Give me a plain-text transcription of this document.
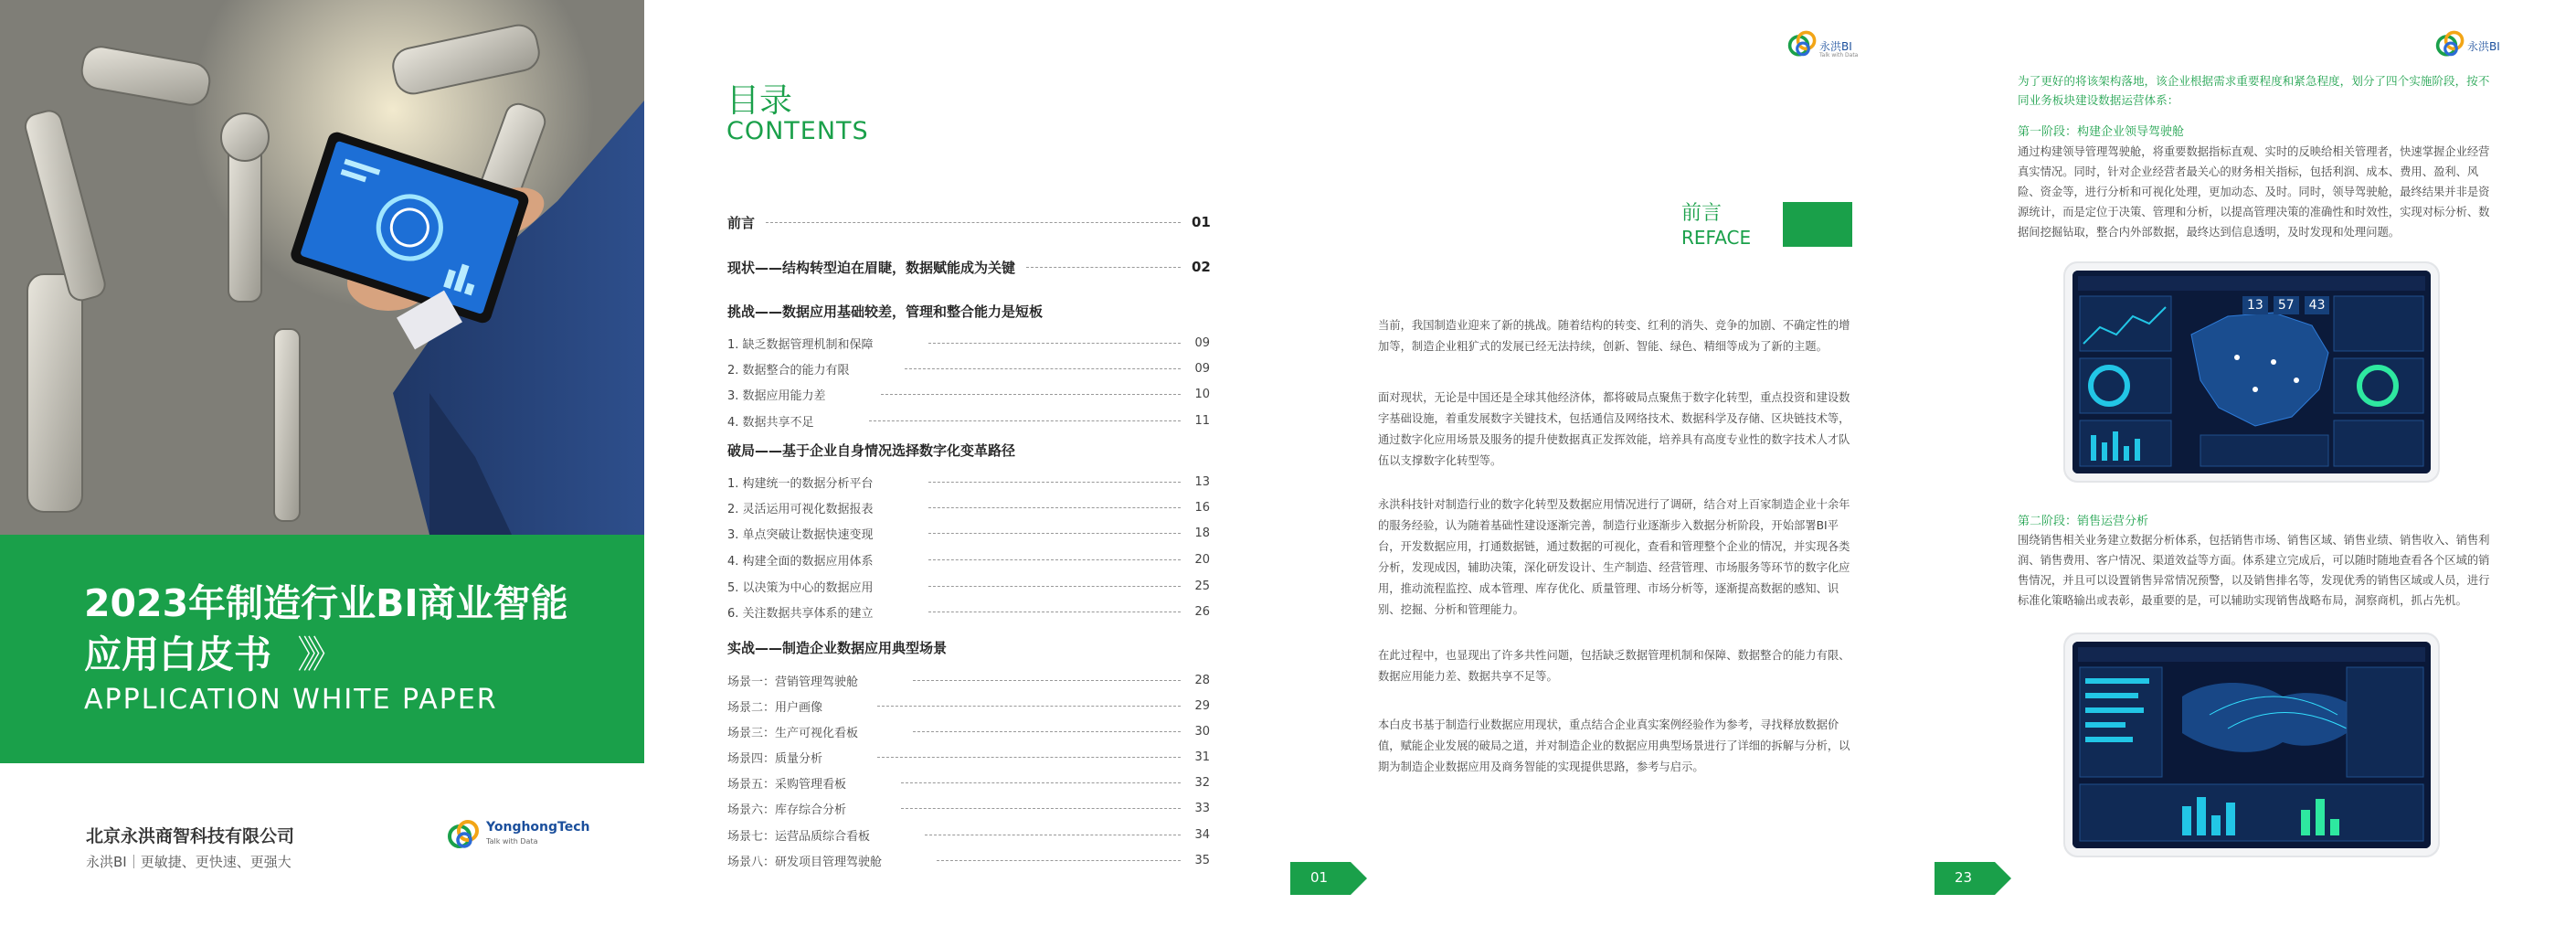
2023年制造行业BI商业智能
应用白皮书 》》
APPLICATION WHITE PAPER
北京永洪商智科技有限公司
永洪BI｜更敏捷、更快速、更强大
YonghongTech
Talk with Data
目录
CONTENTS
前言	01
现状——结构转型迫在眉睫，数据赋能成为关键	02
挑战——数据应用基础较差，管理和整合能力是短板
1. 缺乏数据管理机制和保障	09
2. 数据整合的能力有限	09
3. 数据应用能力差	10
4. 数据共享不足	11
破局——基于企业自身情况选择数字化变革路径
1. 构建统一的数据分析平台	13
2. 灵活运用可视化数据报表	16
3. 单点突破让数据快速变现	18
4. 构建全面的数据应用体系	20
5. 以决策为中心的数据应用	25
6. 关注数据共享体系的建立	26
实战——制造企业数据应用典型场景
场景一：营销管理驾驶舱	28
场景二：用户画像	29
场景三：生产可视化看板	30
场景四：质量分析	31
场景五：采购管理看板	32
场景六：库存综合分析	33
场景七：运营品质综合看板	34
场景八：研发项目管理驾驶舱	35
永洪BI
Talk with Data
前言
REFACE
当前，我国制造业迎来了新的挑战。随着结构的转变、红利的消失、竞争的加剧、不确定性的增加等，制造企业粗犷式的发展已经无法持续，创新、智能、绿色、精细等成为了新的主题。
面对现状，无论是中国还是全球其他经济体，都将破局点聚焦于数字化转型，重点投资和建设数字基础设施，着重发展数字关键技术，包括通信及网络技术、数据科学及存储、区块链技术等，通过数字化应用场景及服务的提升使数据真正发挥效能，培养具有高度专业性的数字技术人才队伍以支撑数字化转型等。
永洪科技针对制造行业的数字化转型及数据应用情况进行了调研，结合对上百家制造企业十余年的服务经验，认为随着基础性建设逐渐完善，制造行业逐渐步入数据分析阶段，开始部署BI平台，开发数据应用，打通数据链，通过数据的可视化，查看和管理整个企业的情况，并实现各类分析，发现成因，辅助决策，深化研发设计、生产制造、经营管理、市场服务等环节的数字化应用，推动流程监控、成本管理、库存优化、质量管理、市场分析等，逐渐提高数据的感知、识别、挖掘、分析和管理能力。
在此过程中，也显现出了许多共性问题，包括缺乏数据管理机制和保障、数据整合的能力有限、数据应用能力差、数据共享不足等。
本白皮书基于制造行业数据应用现状，重点结合企业真实案例经验作为参考，寻找释放数据价值，赋能企业发展的破局之道，并对制造企业的数据应用典型场景进行了详细的拆解与分析，以期为制造企业数据应用及商务智能的实现提供思路，参考与启示。
01
永洪BI
为了更好的将该架构落地，该企业根据需求重要程度和紧急程度，划分了四个实施阶段，按不同业务板块建设数据运营体系：
第一阶段：构建企业领导驾驶舱
通过构建领导管理驾驶舱，将重要数据指标直观、实时的反映给相关管理者，快速掌握企业经营真实情况。同时，针对企业经营者最关心的财务相关指标，包括利润、成本、费用、盈利、风险、资金等，进行分析和可视化处理，更加动态、及时。同时，领导驾驶舱，最终结果并非是资源统计，而是定位于决策、管理和分析，以提高管理决策的准确性和时效性，实现对标分析、数据间挖掘钻取，整合内外部数据，最终达到信息透明，及时发现和处理问题。
13	57	43
第二阶段：销售运营分析
围绕销售相关业务建立数据分析体系，包括销售市场、销售区域、销售业绩、销售收入、销售利润、销售费用、客户情况、渠道效益等方面。体系建立完成后，可以随时随地查看各个区域的销售情况，并且可以设置销售异常情况预警，以及销售排名等，发现优秀的销售区域或人员，进行标准化策略输出或表彰，最重要的是，可以辅助实现销售战略布局，洞察商机，抓占先机。
23
